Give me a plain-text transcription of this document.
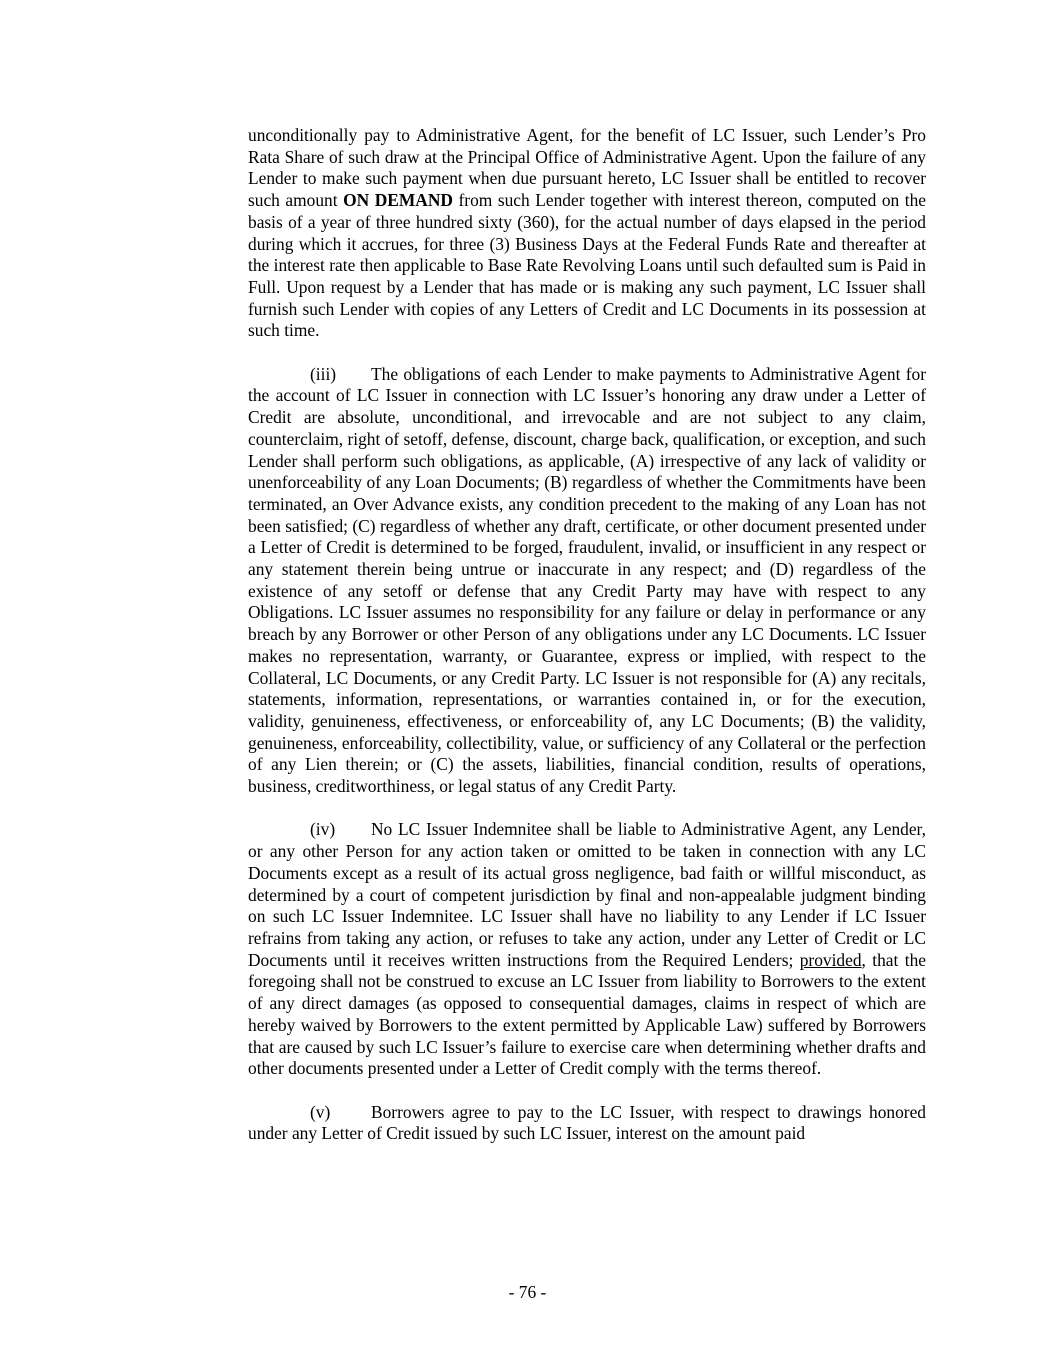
unconditionally pay to Administrative Agent, for the benefit of LC Issuer, such Lender’s Pro Rata Share of such draw at the Principal Office of Administrative Agent. Upon the failure of any Lender to make such payment when due pursuant hereto, LC Issuer shall be entitled to recover such amount ON DEMAND from such Lender together with interest thereon, computed on the basis of a year of three hundred sixty (360), for the actual number of days elapsed in the period during which it accrues, for three (3) Business Days at the Federal Funds Rate and thereafter at the interest rate then applicable to Base Rate Revolving Loans until such defaulted sum is Paid in Full. Upon request by a Lender that has made or is making any such payment, LC Issuer shall furnish such Lender with copies of any Letters of Credit and LC Documents in its possession at such time.

(iii) The obligations of each Lender to make payments to Administrative Agent for the account of LC Issuer in connection with LC Issuer’s honoring any draw under a Letter of Credit are absolute, unconditional, and irrevocable and are not subject to any claim, counterclaim, right of setoff, defense, discount, charge back, qualification, or exception, and such Lender shall perform such obligations, as applicable, (A) irrespective of any lack of validity or unenforceability of any Loan Documents; (B) regardless of whether the Commitments have been terminated, an Over Advance exists, any condition precedent to the making of any Loan has not been satisfied; (C) regardless of whether any draft, certificate, or other document presented under a Letter of Credit is determined to be forged, fraudulent, invalid, or insufficient in any respect or any statement therein being untrue or inaccurate in any respect; and (D) regardless of the existence of any setoff or defense that any Credit Party may have with respect to any Obligations. LC Issuer assumes no responsibility for any failure or delay in performance or any breach by any Borrower or other Person of any obligations under any LC Documents. LC Issuer makes no representation, warranty, or Guarantee, express or implied, with respect to the Collateral, LC Documents, or any Credit Party. LC Issuer is not responsible for (A) any recitals, statements, information, representations, or warranties contained in, or for the execution, validity, genuineness, effectiveness, or enforceability of, any LC Documents; (B) the validity, genuineness, enforceability, collectibility, value, or sufficiency of any Collateral or the perfection of any Lien therein; or (C) the assets, liabilities, financial condition, results of operations, business, creditworthiness, or legal status of any Credit Party.

(iv) No LC Issuer Indemnitee shall be liable to Administrative Agent, any Lender, or any other Person for any action taken or omitted to be taken in connection with any LC Documents except as a result of its actual gross negligence, bad faith or willful misconduct, as determined by a court of competent jurisdiction by final and non-appealable judgment binding on such LC Issuer Indemnitee. LC Issuer shall have no liability to any Lender if LC Issuer refrains from taking any action, or refuses to take any action, under any Letter of Credit or LC Documents until it receives written instructions from the Required Lenders; provided, that the foregoing shall not be construed to excuse an LC Issuer from liability to Borrowers to the extent of any direct damages (as opposed to consequential damages, claims in respect of which are hereby waived by Borrowers to the extent permitted by Applicable Law) suffered by Borrowers that are caused by such LC Issuer’s failure to exercise care when determining whether drafts and other documents presented under a Letter of Credit comply with the terms thereof.

(v) Borrowers agree to pay to the LC Issuer, with respect to drawings honored under any Letter of Credit issued by such LC Issuer, interest on the amount paid

- 76 -
